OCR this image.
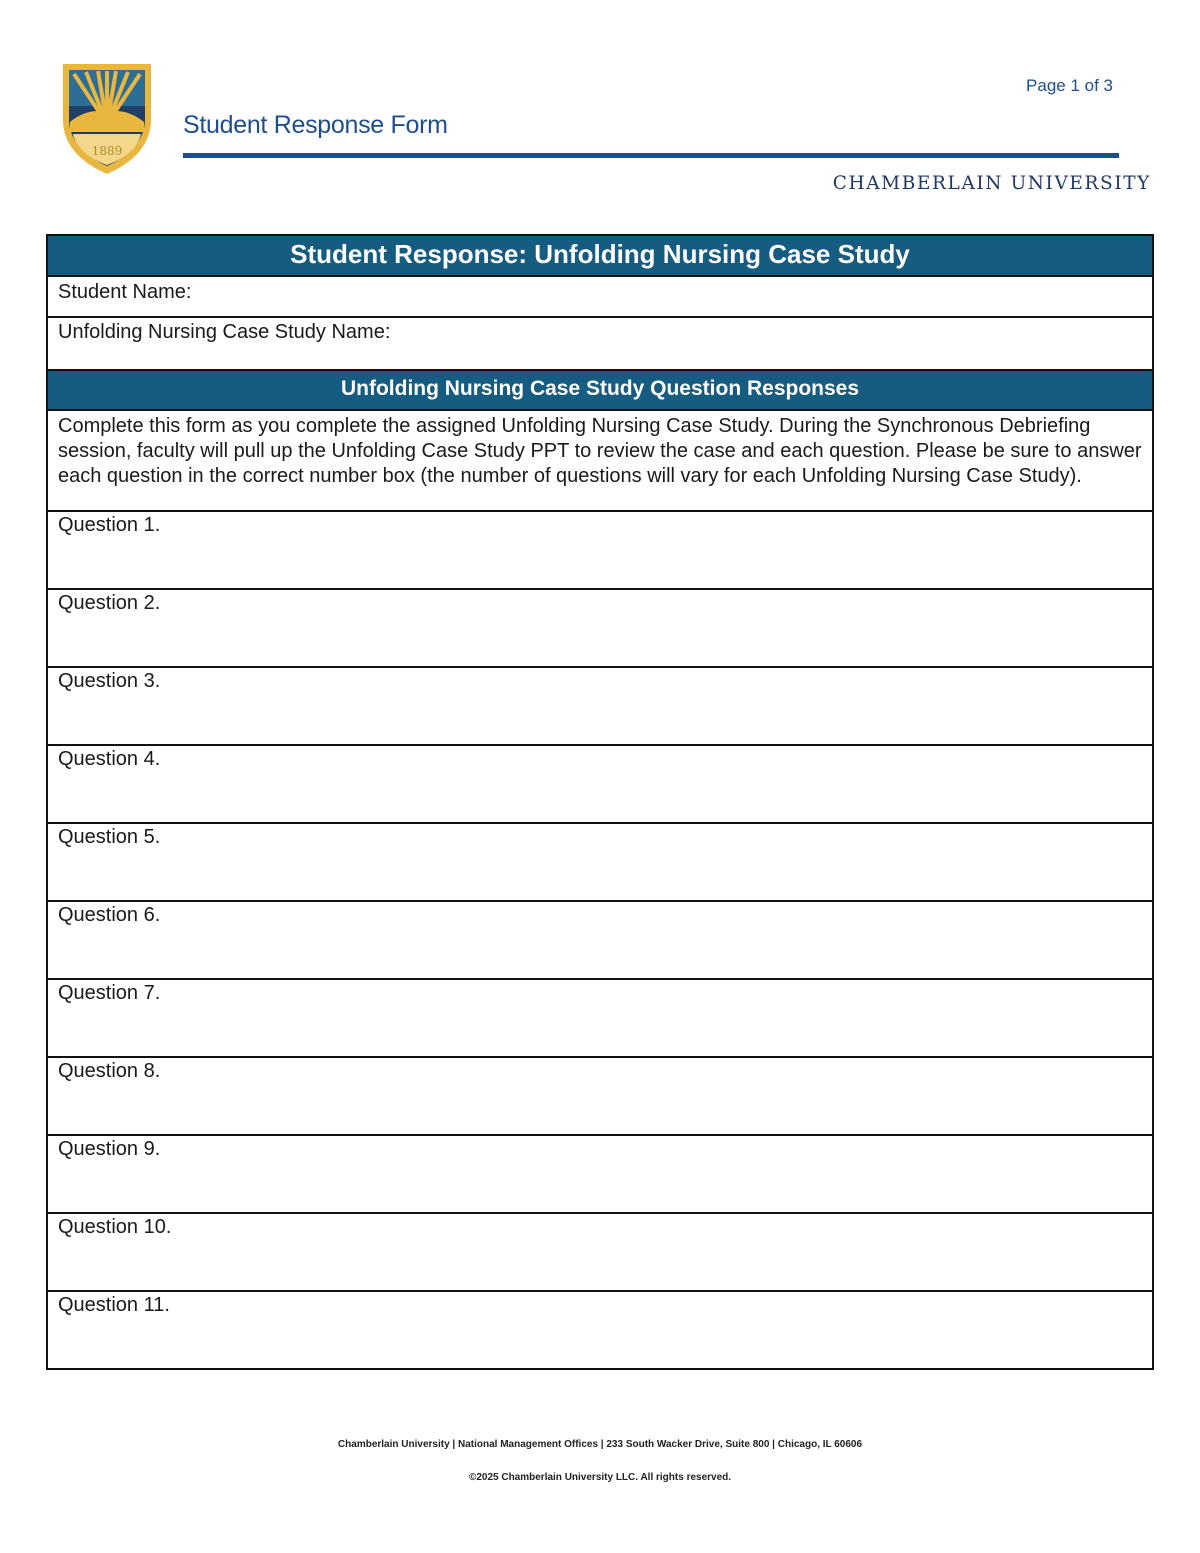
1889
Page 1 of 3
Student Response Form
CHAMBERLAIN UNIVERSITY
Student Response: Unfolding Nursing Case Study
Student Name:
Unfolding Nursing Case Study Name:
Unfolding Nursing Case Study Question Responses
Complete this form as you complete the assigned Unfolding Nursing Case Study. During the Synchronous Debriefing session, faculty will pull up the Unfolding Case Study PPT to review the case and each question. Please be sure to answer each question in the correct number box (the number of questions will vary for each Unfolding Nursing Case Study).
Question 1.
Question 2.
Question 3.
Question 4.
Question 5.
Question 6.
Question 7.
Question 8.
Question 9.
Question 10.
Question 11.
Chamberlain University | National Management Offices | 233 South Wacker Drive, Suite 800 | Chicago, IL 60606
©2025 Chamberlain University LLC. All rights reserved.
